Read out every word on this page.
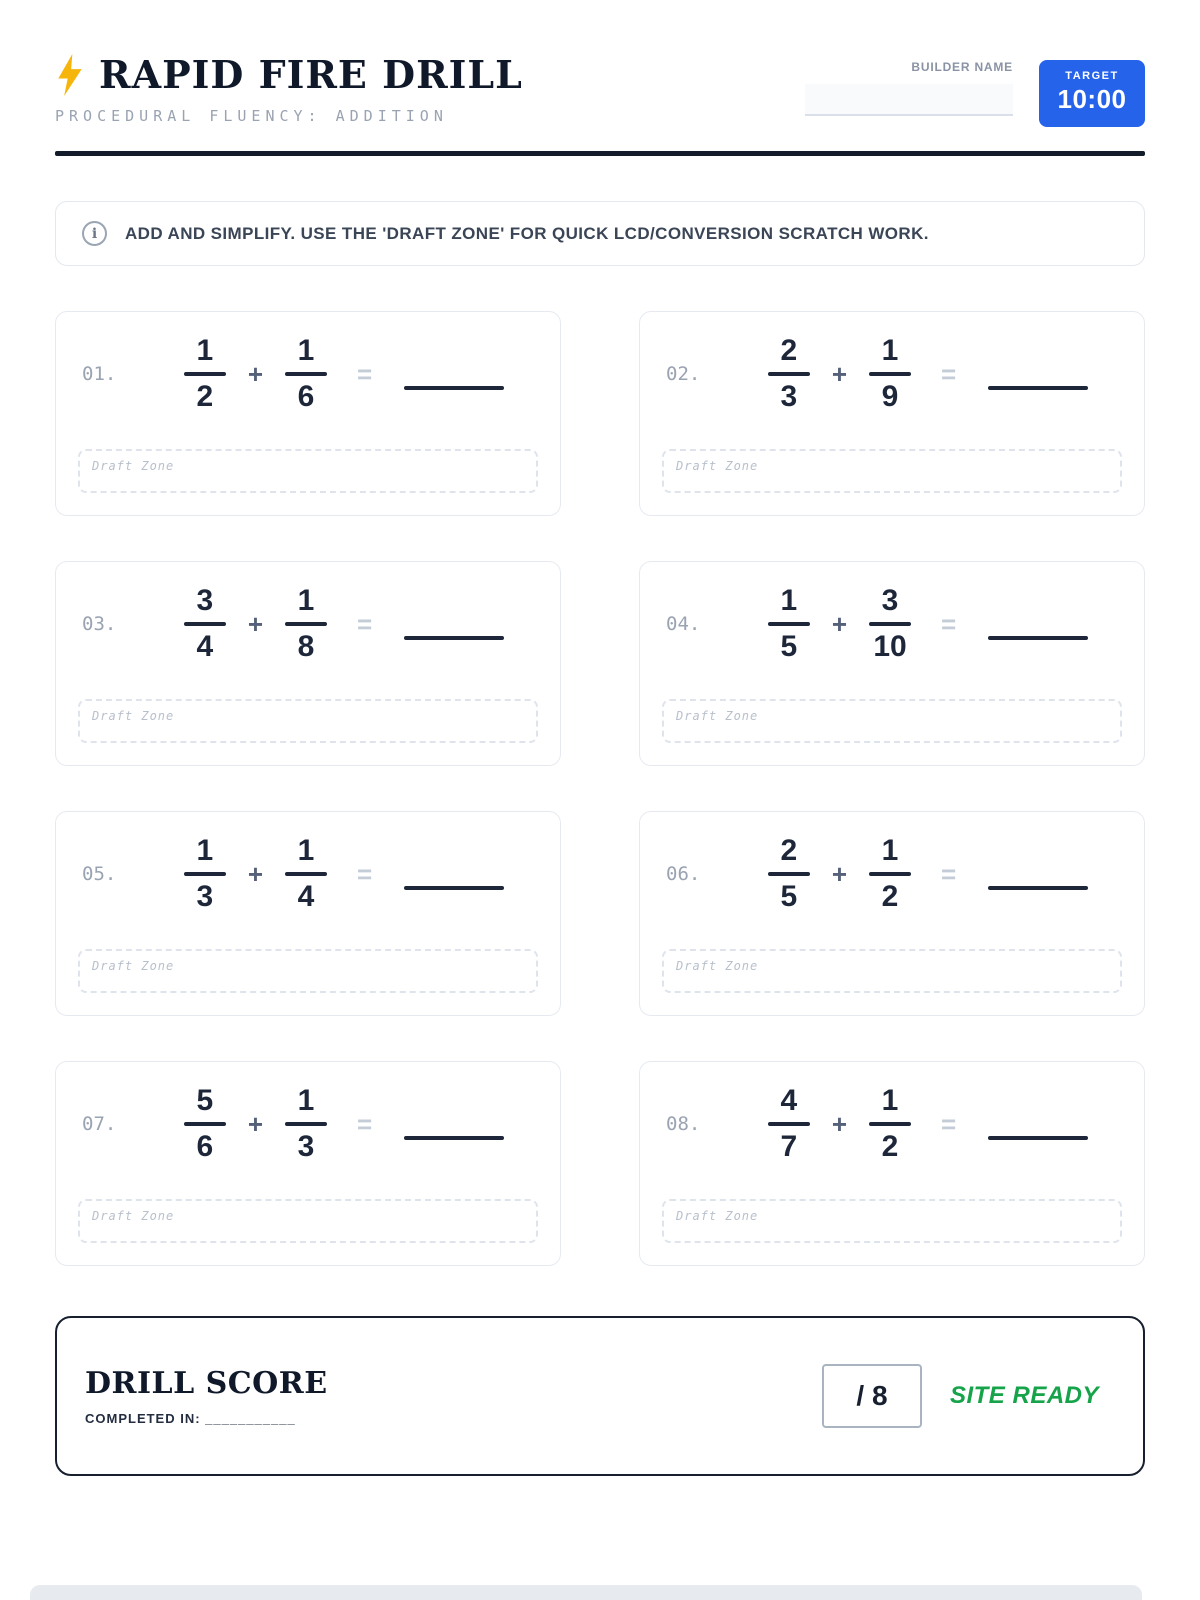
RAPID FIRE DRILL
PROCEDURAL FLUENCY: ADDITION
BUILDER NAME
TARGET
10:00
i	ADD AND SIMPLIFY. USE THE 'DRAFT ZONE' FOR QUICK LCD/CONVERSION SCRATCH WORK.
01.	$\frac{1}{2} + \frac{1}{6}$ =
Draft Zone
02.	$\frac{2}{3} + \frac{1}{9}$ =
Draft Zone
03.	$\frac{3}{4} + \frac{1}{8}$ =
Draft Zone
04.	$\frac{1}{5} + \frac{3}{10}$ =
Draft Zone
05.	$\frac{1}{3} + \frac{1}{4}$ =
Draft Zone
06.	$\frac{2}{5} + \frac{1}{2}$ =
Draft Zone
07.	$\frac{5}{6} + \frac{1}{3}$ =
Draft Zone
08.	$\frac{4}{7} + \frac{1}{2}$ =
Draft Zone
DRILL SCORE
COMPLETED IN: ___________
/ 8	SITE READY
